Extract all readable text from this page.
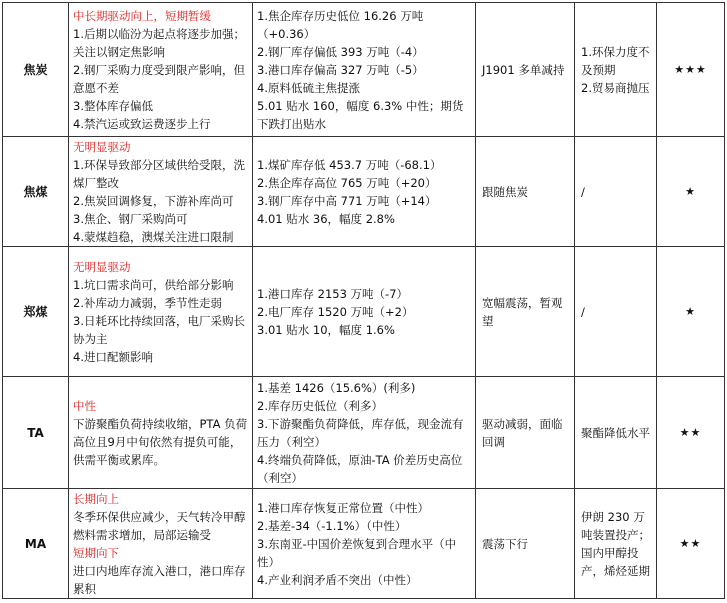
焦炭	中长期驱动向上，短期暂缓
1.后期以临汾为起点将逐步加强；关注以钢定焦影响
2.钢厂采购力度受到限产影响，但意愿不差
3.整体库存偏低
4.禁汽运或致运费逐步上行	1.焦企库存历史低位 16.26 万吨（+0.36）
2.钢厂库存偏低 393 万吨（-4）
3.港口库存偏高 327 万吨（-5）
4.原料低硫主焦提涨
5.01 贴水 160，幅度 6.3% 中性；期货下跌打出贴水	J1901 多单减持	1.环保力度不及预期
2.贸易商抛压	★★★
焦煤	无明显驱动
1.环保导致部分区域供给受限，洗煤厂整改
2.焦炭回调修复，下游补库尚可
3.焦企、钢厂采购尚可
4.蒙煤趋稳，澳煤关注进口限制	1.煤矿库存低 453.7 万吨（-68.1）
2.焦企库存高位 765 万吨（+20）
3.钢厂库存中高 771 万吨（+14）
4.01 贴水 36，幅度 2.8%	跟随焦炭	/	★
郑煤	无明显驱动
1.坑口需求尚可，供给部分影响
2.补库动力减弱，季节性走弱
3.日耗环比持续回落，电厂采购长协为主
4.进口配额影响	1.港口库存 2153 万吨（-7）
2.电厂库存 1520 万吨（+2）
3.01 贴水 10，幅度 1.6%	宽幅震荡，暂观望	/	★
TA	中性
下游聚酯负荷持续收缩，PTA 负荷高位且9月中旬依然有提负可能，供需平衡或累库。	1.基差 1426（15.6%）(利多)
2.库存历史低位（利多）
3.下游聚酯负荷降低，库存低，现金流有压力（利空）
4.终端负荷降低，原油-TA 价差历史高位（利空）	驱动减弱，面临回调	聚酯降低水平	★★
MA	长期向上
冬季环保供应减少，天气转冷甲醇燃料需求增加，局部运输受
短期向下
进口内地库存流入港口，港口库存累积	1.港口库存恢复正常位置（中性）
2.基差-34（-1.1%）（中性）
3.东南亚-中国价差恢复到合理水平（中性）
4.产业利润矛盾不突出（中性）	震荡下行	伊朗 230 万吨装置投产；国内甲醇投产，烯烃延期	★★
